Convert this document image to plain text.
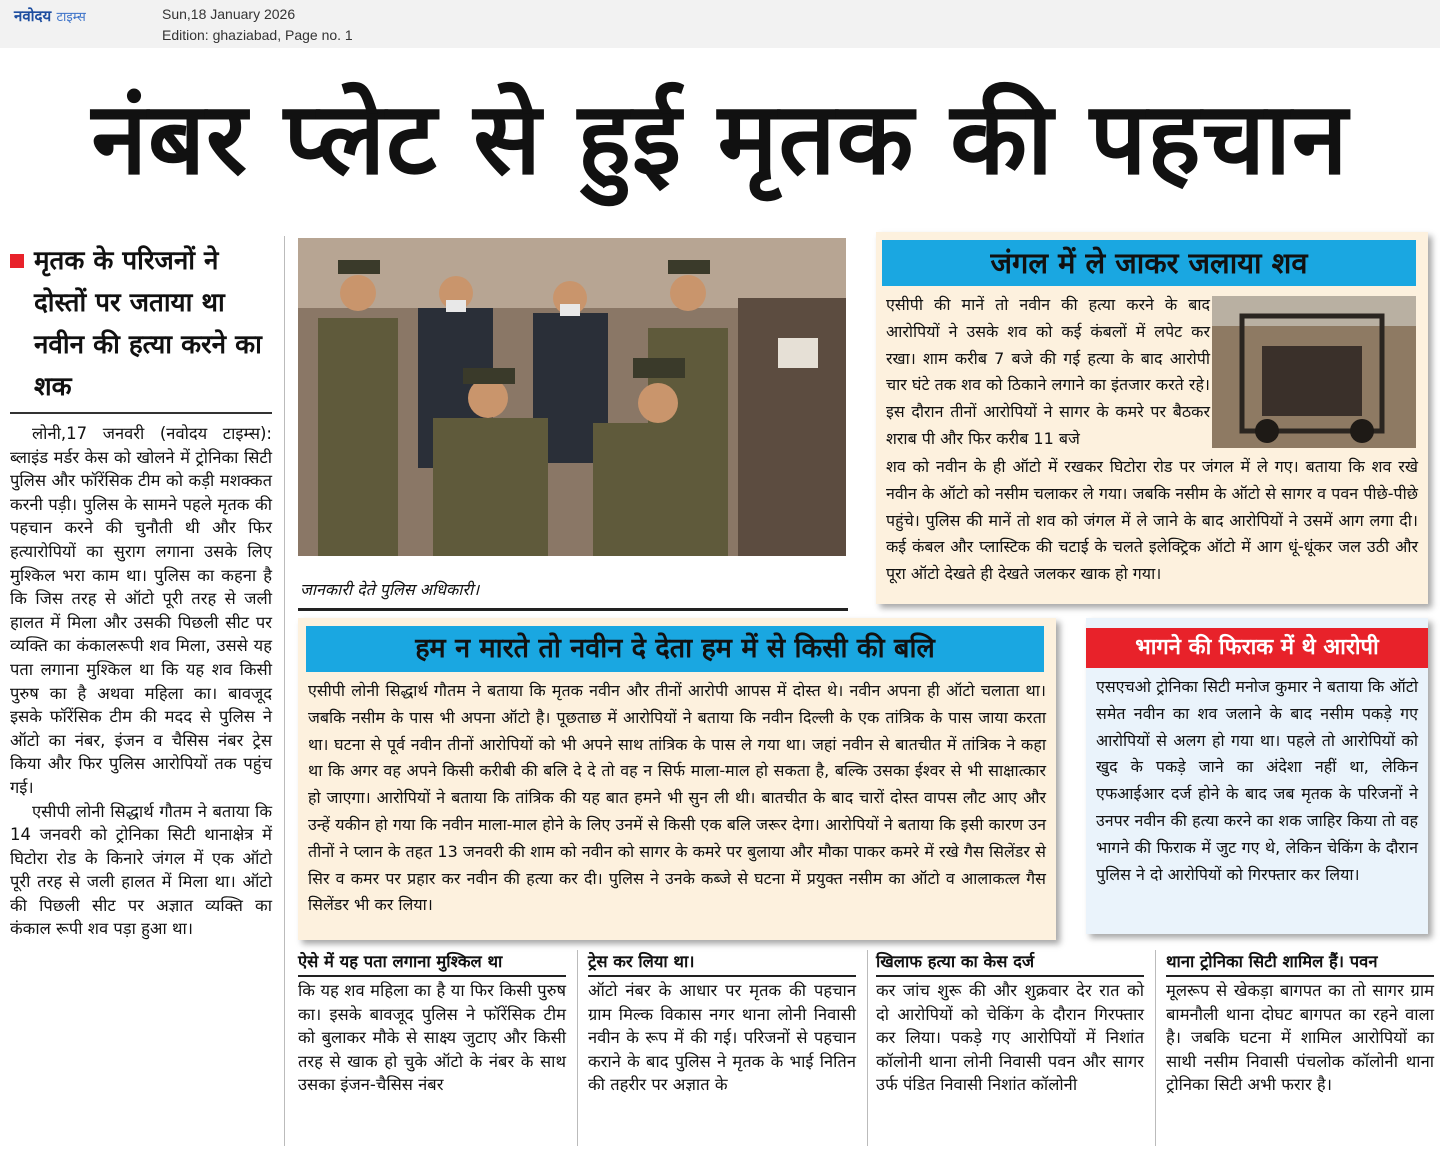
नवोदय टाइम्स	Sun,18 January 2026
Edition: ghaziabad, Page no. 1
नंबर प्लेट से हुई मृतक की पहचान
मृतक के परिजनों ने दोस्तों पर जताया था नवीन की हत्या करने का शक
लोनी,17 जनवरी (नवोदय टाइम्स): ब्लाइंड मर्डर केस को खोलने में ट्रोनिका सिटी पुलिस और फॉरेंसिक टीम को कड़ी मशक्कत करनी पड़ी। पुलिस के सामने पहले मृतक की पहचान करने की चुनौती थी और फिर हत्यारोपियों का सुराग लगाना उसके लिए मुश्किल भरा काम था। पुलिस का कहना है कि जिस तरह से ऑटो पूरी तरह से जली हालत में मिला और उसकी पिछली सीट पर व्यक्ति का कंकालरूपी शव मिला, उससे यह पता लगाना मुश्किल था कि यह शव किसी पुरुष का है अथवा महिला का। बावजूद इसके फॉरेंसिक टीम की मदद से पुलिस ने ऑटो का नंबर, इंजन व चैसिस नंबर ट्रेस किया और फिर पुलिस आरोपियों तक पहुंच गई।
एसीपी लोनी सिद्धार्थ गौतम ने बताया कि 14 जनवरी को ट्रोनिका सिटी थानाक्षेत्र में घिटोरा रोड के किनारे जंगल में एक ऑटो पूरी तरह से जली हालत में मिला था। ऑटो की पिछली सीट पर अज्ञात व्यक्ति का कंकाल रूपी शव पड़ा हुआ था।
जानकारी देते पुलिस अधिकारी।
जंगल में ले जाकर जलाया शव
एसीपी की मानें तो नवीन की हत्या करने के बाद आरोपियों ने उसके शव को कई कंबलों में लपेट कर रखा। शाम करीब 7 बजे की गई हत्या के बाद आरोपी चार घंटे तक शव को ठिकाने लगाने का इंतजार करते रहे। इस दौरान तीनों आरोपियों ने सागर के कमरे पर बैठकर शराब पी और फिर करीब 11 बजे
शव को नवीन के ही ऑटो में रखकर घिटोरा रोड पर जंगल में ले गए। बताया कि शव रखे नवीन के ऑटो को नसीम चलाकर ले गया। जबकि नसीम के ऑटो से सागर व पवन पीछे-पीछे पहुंचे। पुलिस की मानें तो शव को जंगल में ले जाने के बाद आरोपियों ने उसमें आग लगा दी। कई कंबल और प्लास्टिक की चटाई के चलते इलेक्ट्रिक ऑटो में आग धूं-धूंकर जल उठी और पूरा ऑटो देखते ही देखते जलकर खाक हो गया।
हम न मारते तो नवीन दे देता हम में से किसी की बलि
एसीपी लोनी सिद्धार्थ गौतम ने बताया कि मृतक नवीन और तीनों आरोपी आपस में दोस्त थे। नवीन अपना ही ऑटो चलाता था। जबकि नसीम के पास भी अपना ऑटो है। पूछताछ में आरोपियों ने बताया कि नवीन दिल्ली के एक तांत्रिक के पास जाया करता था। घटना से पूर्व नवीन तीनों आरोपियों को भी अपने साथ तांत्रिक के पास ले गया था। जहां नवीन से बातचीत में तांत्रिक ने कहा था कि अगर वह अपने किसी करीबी की बलि दे दे तो वह न सिर्फ माला-माल हो सकता है, बल्कि उसका ईश्वर से भी साक्षात्कार हो जाएगा। आरोपियों ने बताया कि तांत्रिक की यह बात हमने भी सुन ली थी। बातचीत के बाद चारों दोस्त वापस लौट आए और उन्हें यकीन हो गया कि नवीन माला-माल होने के लिए उनमें से किसी एक बलि जरूर देगा। आरोपियों ने बताया कि इसी कारण उन तीनों ने प्लान के तहत 13 जनवरी की शाम को नवीन को सागर के कमरे पर बुलाया और मौका पाकर कमरे में रखे गैस सिलेंडर से सिर व कमर पर प्रहार कर नवीन की हत्या कर दी। पुलिस ने उनके कब्जे से घटना में प्रयुक्त नसीम का ऑटो व आलाकत्ल गैस सिलेंडर भी कर लिया।
भागने की फिराक में थे आरोपी
एसएचओ ट्रोनिका सिटी मनोज कुमार ने बताया कि ऑटो समेत नवीन का शव जलाने के बाद नसीम पकड़े गए आरोपियों से अलग हो गया था। पहले तो आरोपियों को खुद के पकड़े जाने का अंदेशा नहीं था, लेकिन एफआईआर दर्ज होने के बाद जब मृतक के परिजनों ने उनपर नवीन की हत्या करने का शक जाहिर किया तो वह भागने की फिराक में जुट गए थे, लेकिन चेकिंग के दौरान पुलिस ने दो आरोपियों को गिरफ्तार कर लिया।
ऐसे में यह पता लगाना मुश्किल था
कि यह शव महिला का है या फिर किसी पुरुष का। इसके बावजूद पुलिस ने फॉरेंसिक टीम को बुलाकर मौके से साक्ष्य जुटाए और किसी तरह से खाक हो चुके ऑटो के नंबर के साथ उसका इंजन-चैसिस नंबर
ट्रेस कर लिया था।
ऑटो नंबर के आधार पर मृतक की पहचान ग्राम मिल्क विकास नगर थाना लोनी निवासी नवीन के रूप में की गई। परिजनों से पहचान कराने के बाद पुलिस ने मृतक के भाई नितिन की तहरीर पर अज्ञात के
खिलाफ हत्या का केस दर्ज
कर जांच शुरू की और शुक्रवार देर रात को दो आरोपियों को चेकिंग के दौरान गिरफ्तार कर लिया। पकड़े गए आरोपियों में निशांत कॉलोनी थाना लोनी निवासी पवन और सागर उर्फ पंडित निवासी निशांत कॉलोनी
थाना ट्रोनिका सिटी शामिल हैं। पवन
मूलरूप से खेकड़ा बागपत का तो सागर ग्राम बामनौली थाना दोघट बागपत का रहने वाला है। जबकि घटना में शामिल आरोपियों का साथी नसीम निवासी पंचलोक कॉलोनी थाना ट्रोनिका सिटी अभी फरार है।
